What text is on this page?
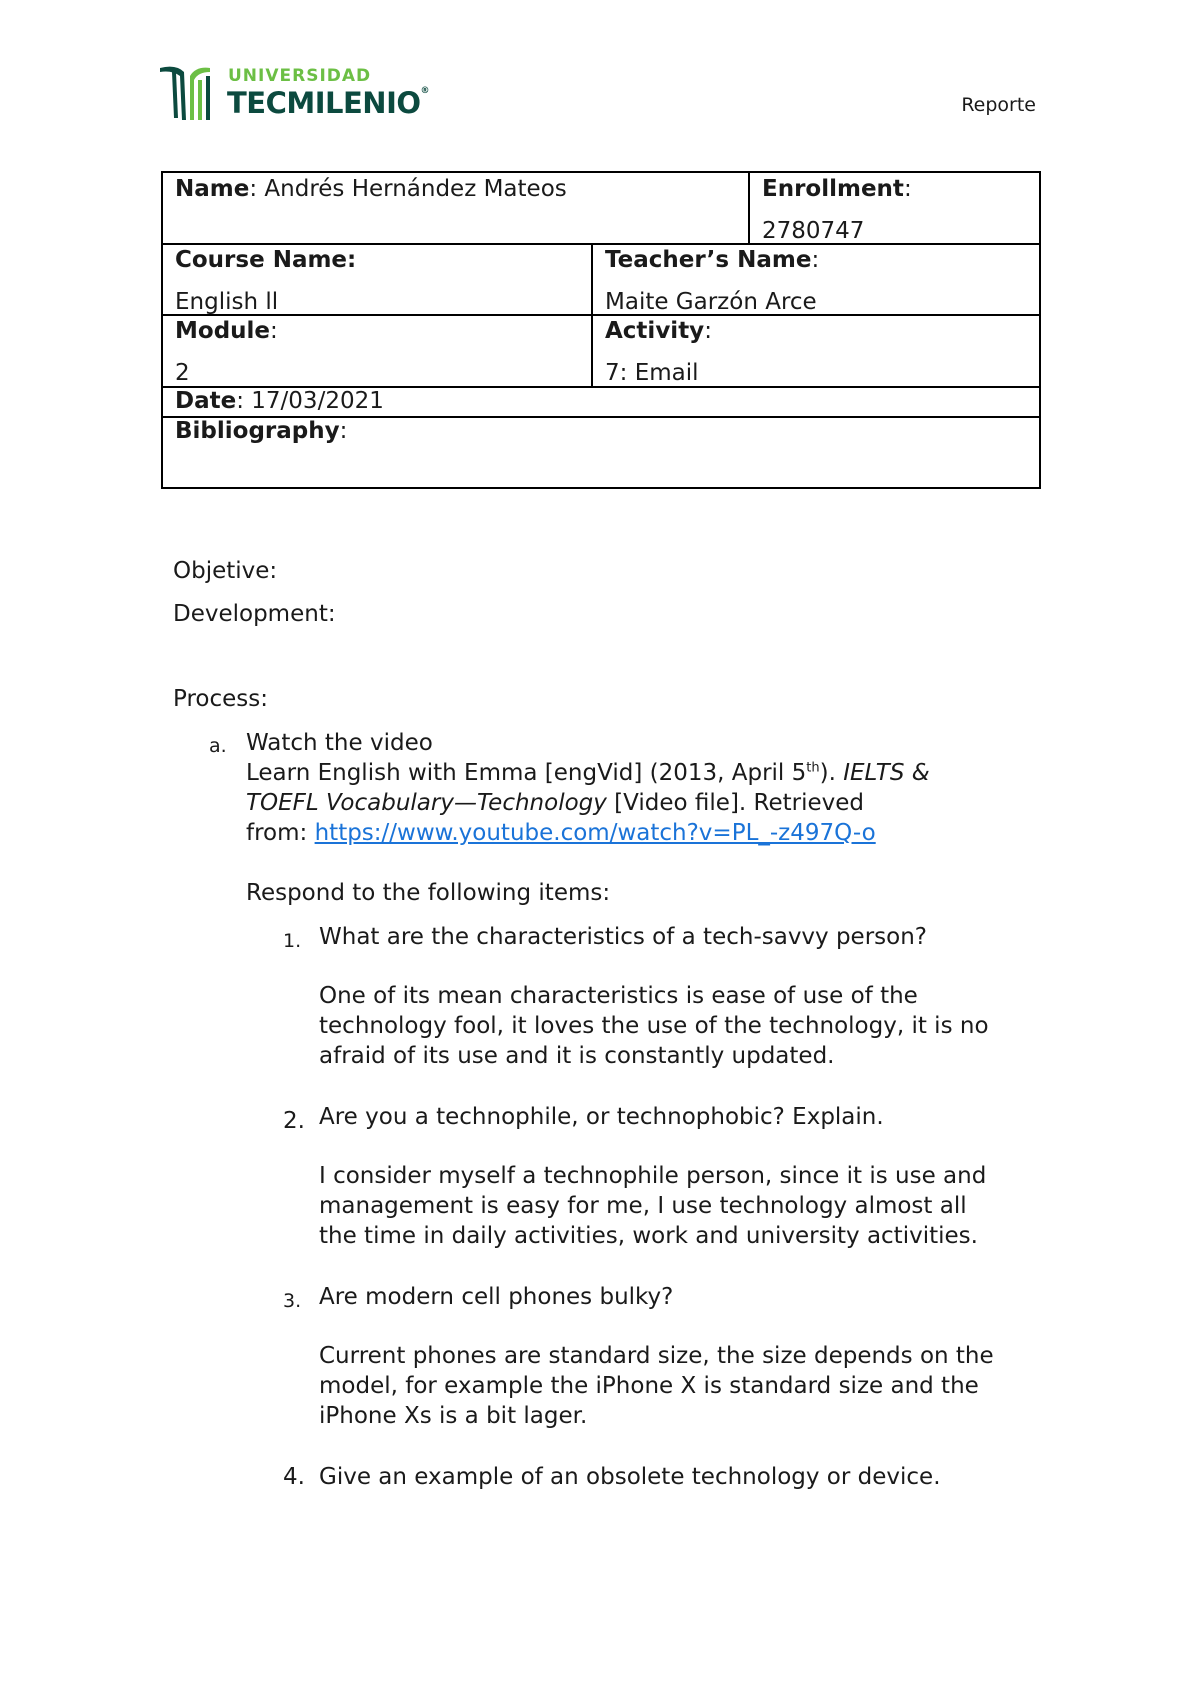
UNIVERSIDAD
TECMILENIO®
Reporte
Name: Andrés Hernández Mateos	Enrollment:
2780747
Course Name:
English ll
Teacher’s Name:
Maite Garzón Arce
Module:
2
Activity:
7: Email
Date: 17/03/2021
Bibliography:
Objetive:
Development:
Process:
a. Watch the video
Learn English with Emma [engVid] (2013, April 5th). IELTS &
TOEFL Vocabulary—Technology [Video file]. Retrieved
from: https://www.youtube.com/watch?v=PL_-z497Q-o
Respond to the following items:
1. What are the characteristics of a tech-savvy person?
One of its mean characteristics is ease of use of the
technology fool, it loves the use of the technology, it is no
afraid of its use and it is constantly updated.
2. Are you a technophile, or technophobic? Explain.
I consider myself a technophile person, since it is use and
management is easy for me, I use technology almost all
the time in daily activities, work and university activities.
3. Are modern cell phones bulky?
Current phones are standard size, the size depends on the
model, for example the iPhone X is standard size and the
iPhone Xs is a bit lager.
4. Give an example of an obsolete technology or device.
